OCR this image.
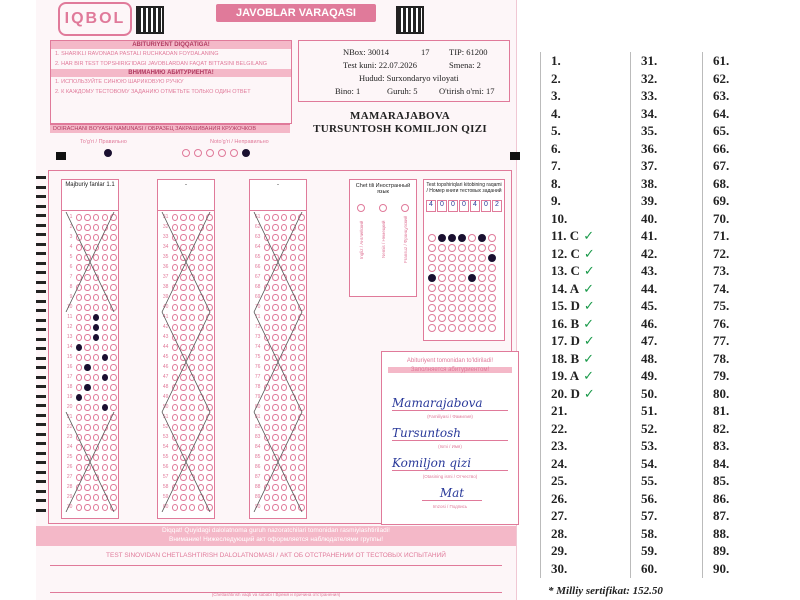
IQBOL	JAVOBLAR VARAQASI
ABITURIYENT DIQQATIGA!
1. SHARIKLI RAVONADA PASTALI RUCHKADAN FOYDALANING
2. HAR BIR TEST TOPSHIRIG'IDAGI JAVOBLARDAN FAQAT BITTASINI BELGILANG
ВНИМАНИЮ АБИТУРИЕНТА!
1. ИСПОЛЬЗУЙТЕ СИНЮЮ ШАРИКОВУЮ РУЧКУ
2. К КАЖДОМУ ТЕСТОВОМУ ЗАДАНИЮ ОТМЕТЬТЕ ТОЛЬКО ОДИН ОТВЕТ
NBox: 30014	17 TIP: 61200
Test kuni: 22.07.2026	Smena: 2
Hudud: Surxondaryo viloyati
Bino: 1	Guruh: 5	O'tirish o'rni: 17
MAMARAJABOVA
TURSUNTOSH KOMILJON QIZI
DOIRACHANI BO'YASH NAMUNASI / ОБРАЗЕЦ ЗАКРАШИВАНИЯ КРУЖОЧКОВ
To'g'ri / Правильно	Noto'g'ri / Неправильно
Majburiy fanlar 1.1
1
2
3
4
5
6
7
8
9
10
11
12
13
14
15
16
17
18
19
20
21
22
23
24
25
26
27
28
29
30
-
31
32
33
34
35
36
37
38
39
40
41
42
43
44
45
46
47
48
49
50
51
52
53
54
55
56
57
58
59
60
-
61
62
63
64
65
66
67
68
69
70
71
72
73
74
75
76
77
78
79
80
81
82
83
84
85
86
87
88
89
90
Chet tili Иностранный язык
Ingliz / Английский	Nemis / Немецкий	Fransuz / Французский
Test topshiriqlari kitobining raqami / Номер книги тестовых заданий
4	0	0	0	4	0	2
Abituriyent tomonidan to'ldiriladi!
Заполняется абитуриентом!
Mamarajabova
(Familiyasi / Фамилия)
Tursuntosh
(Ismi / Имя)
Komiljon qizi
(Otasining ismi / Отчество)
Mat
Imzosi / Подпись
Diqqat! Quyidagi dalolatnoma guruh nazoratchilari tomonidan rasmiylashtiriladi!
Внимание! Нижеследующий акт оформляется наблюдателями группы!
TEST SINOVIDAN CHETLASHTIRISH DALOLATNOMASI / АКТ ОБ ОТСТРАНЕНИИ ОТ ТЕСТОВЫХ ИСПЫТАНИЙ
(Chetlashtirish vaqti va sababi / Время и причина отстранения)
1.
2.
3.
4.
5.
6.
7.
8.
9.
10.
11. C ✓
12. C ✓
13. C ✓
14. A ✓
15. D ✓
16. B ✓
17. D ✓
18. B ✓
19. A ✓
20. D ✓
21.
22.
23.
24.
25.
26.
27.
28.
29.
30.
31.
32.
33.
34.
35.
36.
37.
38.
39.
40.
41.
42.
43.
44.
45.
46.
47.
48.
49.
50.
51.
52.
53.
54.
55.
56.
57.
58.
59.
60.
61.
62.
63.
64.
65.
66.
67.
68.
69.
70.
71.
72.
73.
74.
75.
76.
77.
78.
79.
80.
81.
82.
83.
84.
85.
86.
87.
88.
89.
90.
* Milliy sertifikat: 152.50
